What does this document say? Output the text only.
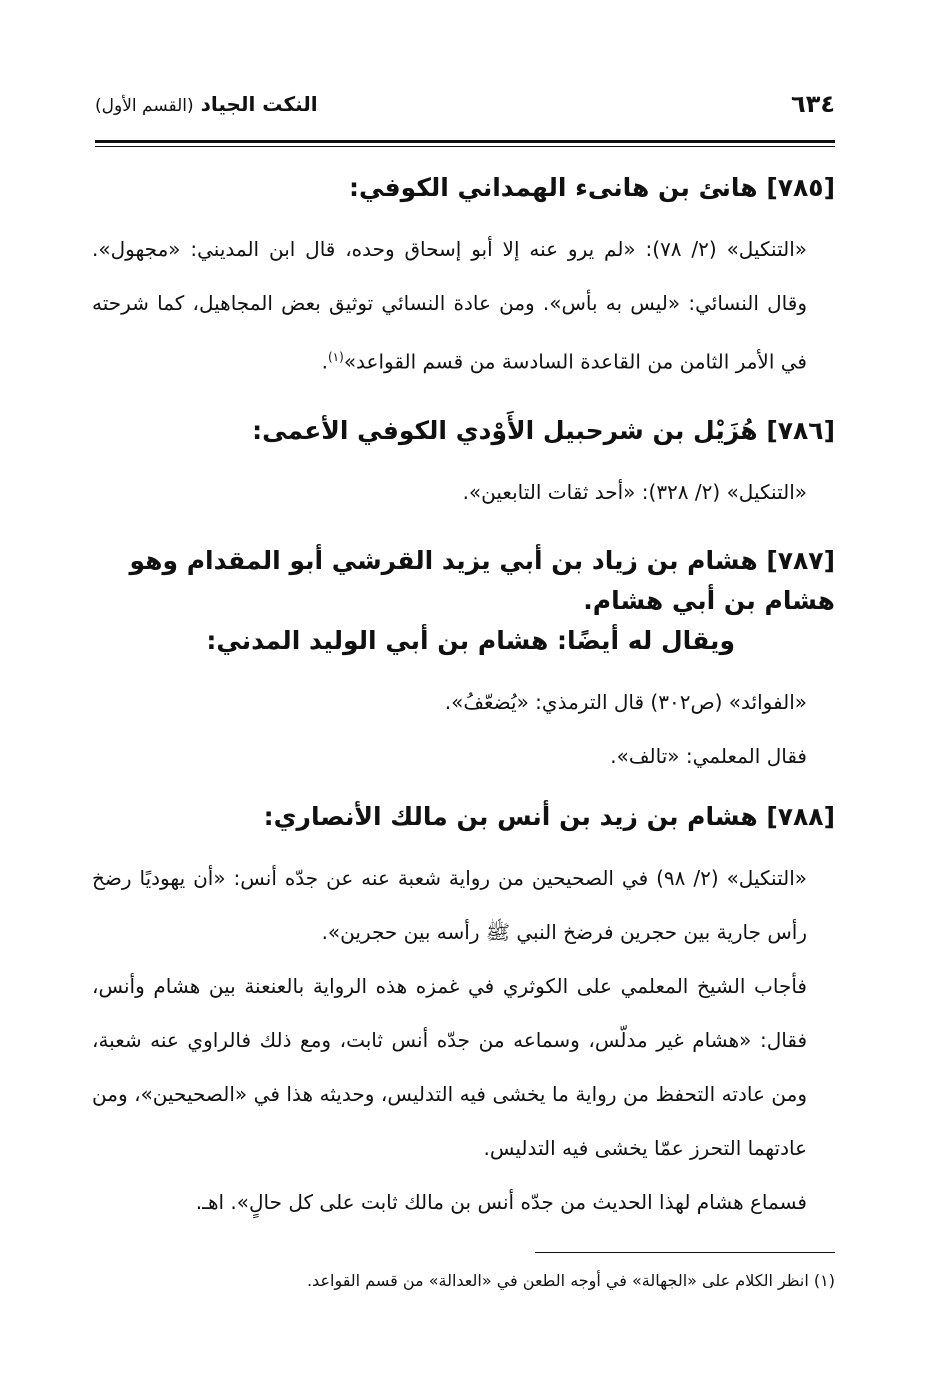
٦٣٤
النكت الجياد (القسم الأول)
[٧٨٥] هانئ بن هانىء الهمداني الكوفي:

«التنكيل» (٢/ ٧٨): «لم يرو عنه إلا أبو إسحاق وحده، قال ابن المديني: «مجهول». وقال النسائي: «ليس به بأس». ومن عادة النسائي توثيق بعض المجاهيل، كما شرحته في الأمر الثامن من القاعدة السادسة من قسم القواعد»$^{(١)}$.

[٧٨٦] هُزَيْل بن شرحبيل الأَوْدي الكوفي الأعمى:

«التنكيل» (٢/ ٣٢٨): «أحد ثقات التابعين».

[٧٨٧] هشام بن زياد بن أبي يزيد القرشي أبو المقدام وهو هشام بن أبي هشام.
ويقال له أيضًا: هشام بن أبي الوليد المدني:

«الفوائد» (ص٣٠٢) قال الترمذي: «يُضعّفُ».

فقال المعلمي: «تالف».

[٧٨٨] هشام بن زيد بن أنس بن مالك الأنصاري:

«التنكيل» (٢/ ٩٨) في الصحيحين من رواية شعبة عنه عن جدّه أنس: «أن يهوديًا رضخ رأس جارية بين حجرين فرضخ النبي ﷺ رأسه بين حجرين».

فأجاب الشيخ المعلمي على الكوثري في غمزه هذه الرواية بالعنعنة بين هشام وأنس، فقال: «هشام غير مدلّس، وسماعه من جدّه أنس ثابت، ومع ذلك فالراوي عنه شعبة، ومن عادته التحفظ من رواية ما يخشى فيه التدليس، وحديثه هذا في «الصحيحين»، ومن عادتهما التحرز عمّا يخشى فيه التدليس.

فسماع هشام لهذا الحديث من جدّه أنس بن مالك ثابت على كل حالٍ». اهـ.

(١) انظر الكلام على «الجهالة» في أوجه الطعن في «العدالة» من قسم القواعد.
